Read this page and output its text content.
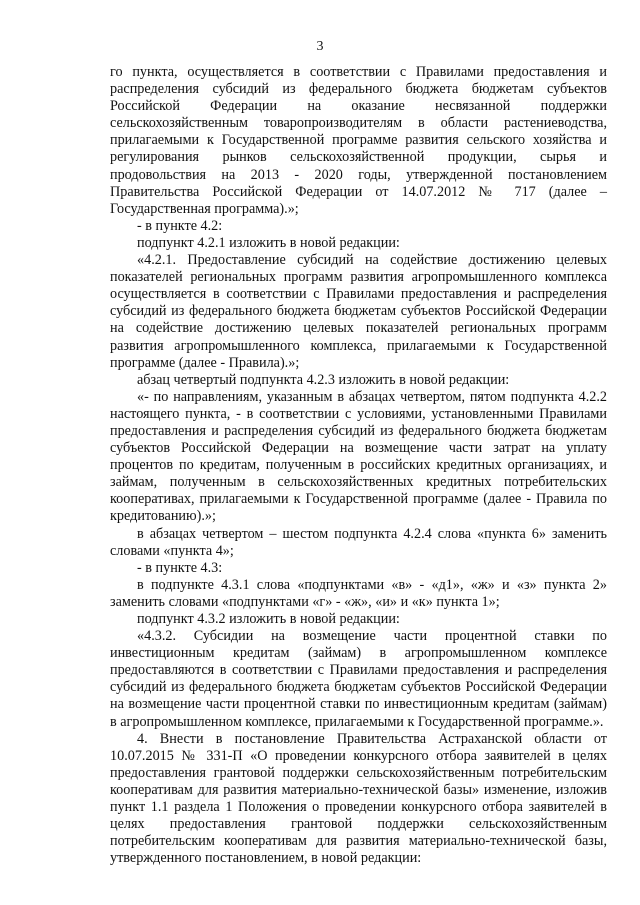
3

го пункта, осуществляется в соответствии с Правилами предоставления и распределения субсидий из федерального бюджета бюджетам субъектов Российской Федерации на оказание несвязанной поддержки сельскохозяйственным товаропроизводителям в области растениеводства, прилагаемыми к Государственной программе развития сельского хозяйства и регулирования рынков сельскохозяйственной продукции, сырья и продовольствия на 2013 - 2020 годы, утвержденной постановлением Правительства Российской Федерации от 14.07.2012 № 717 (далее – Государственная программа).»;

- в пункте 4.2:

подпункт 4.2.1 изложить в новой редакции:

«4.2.1. Предоставление субсидий на содействие достижению целевых показателей региональных программ развития агропромышленного комплекса осуществляется в соответствии с Правилами предоставления и распределения субсидий из федерального бюджета бюджетам субъектов Российской Федерации на содействие достижению целевых показателей региональных программ развития агропромышленного комплекса, прилагаемыми к Государственной программе (далее - Правила).»;

абзац четвертый подпункта 4.2.3 изложить в новой редакции:

«- по направлениям, указанным в абзацах четвертом, пятом подпункта 4.2.2 настоящего пункта, - в соответствии с условиями, установленными Правилами предоставления и распределения субсидий из федерального бюджета бюджетам субъектов Российской Федерации на возмещение части затрат на уплату процентов по кредитам, полученным в российских кредитных организациях, и займам, полученным в сельскохозяйственных кредитных потребительских кооперативах, прилагаемыми к Государственной программе (далее - Правила по кредитованию).»;

в абзацах четвертом – шестом подпункта 4.2.4 слова «пункта 6» заменить словами «пункта 4»;

- в пункте 4.3:

в подпункте 4.3.1 слова «подпунктами «в» - «д1», «ж» и «з» пункта 2» заменить словами «подпунктами «г» - «ж», «и» и «к» пункта 1»;

подпункт 4.3.2 изложить в новой редакции:

«4.3.2. Субсидии на возмещение части процентной ставки по инвестиционным кредитам (займам) в агропромышленном комплексе предоставляются в соответствии с Правилами предоставления и распределения субсидий из федерального бюджета бюджетам субъектов Российской Федерации на возмещение части процентной ставки по инвестиционным кредитам (займам) в агропромышленном комплексе, прилагаемыми к Государственной программе.».

4. Внести в постановление Правительства Астраханской области от 10.07.2015 № 331-П «О проведении конкурсного отбора заявителей в целях предоставления грантовой поддержки сельскохозяйственным потребительским кооперативам для развития материально-технической базы» изменение, изложив пункт 1.1 раздела 1 Положения о проведении конкурсного отбора заявителей в целях предоставления грантовой поддержки сельскохозяйственным потребительским кооперативам для развития материально-технической базы, утвержденного постановлением, в новой редакции:
